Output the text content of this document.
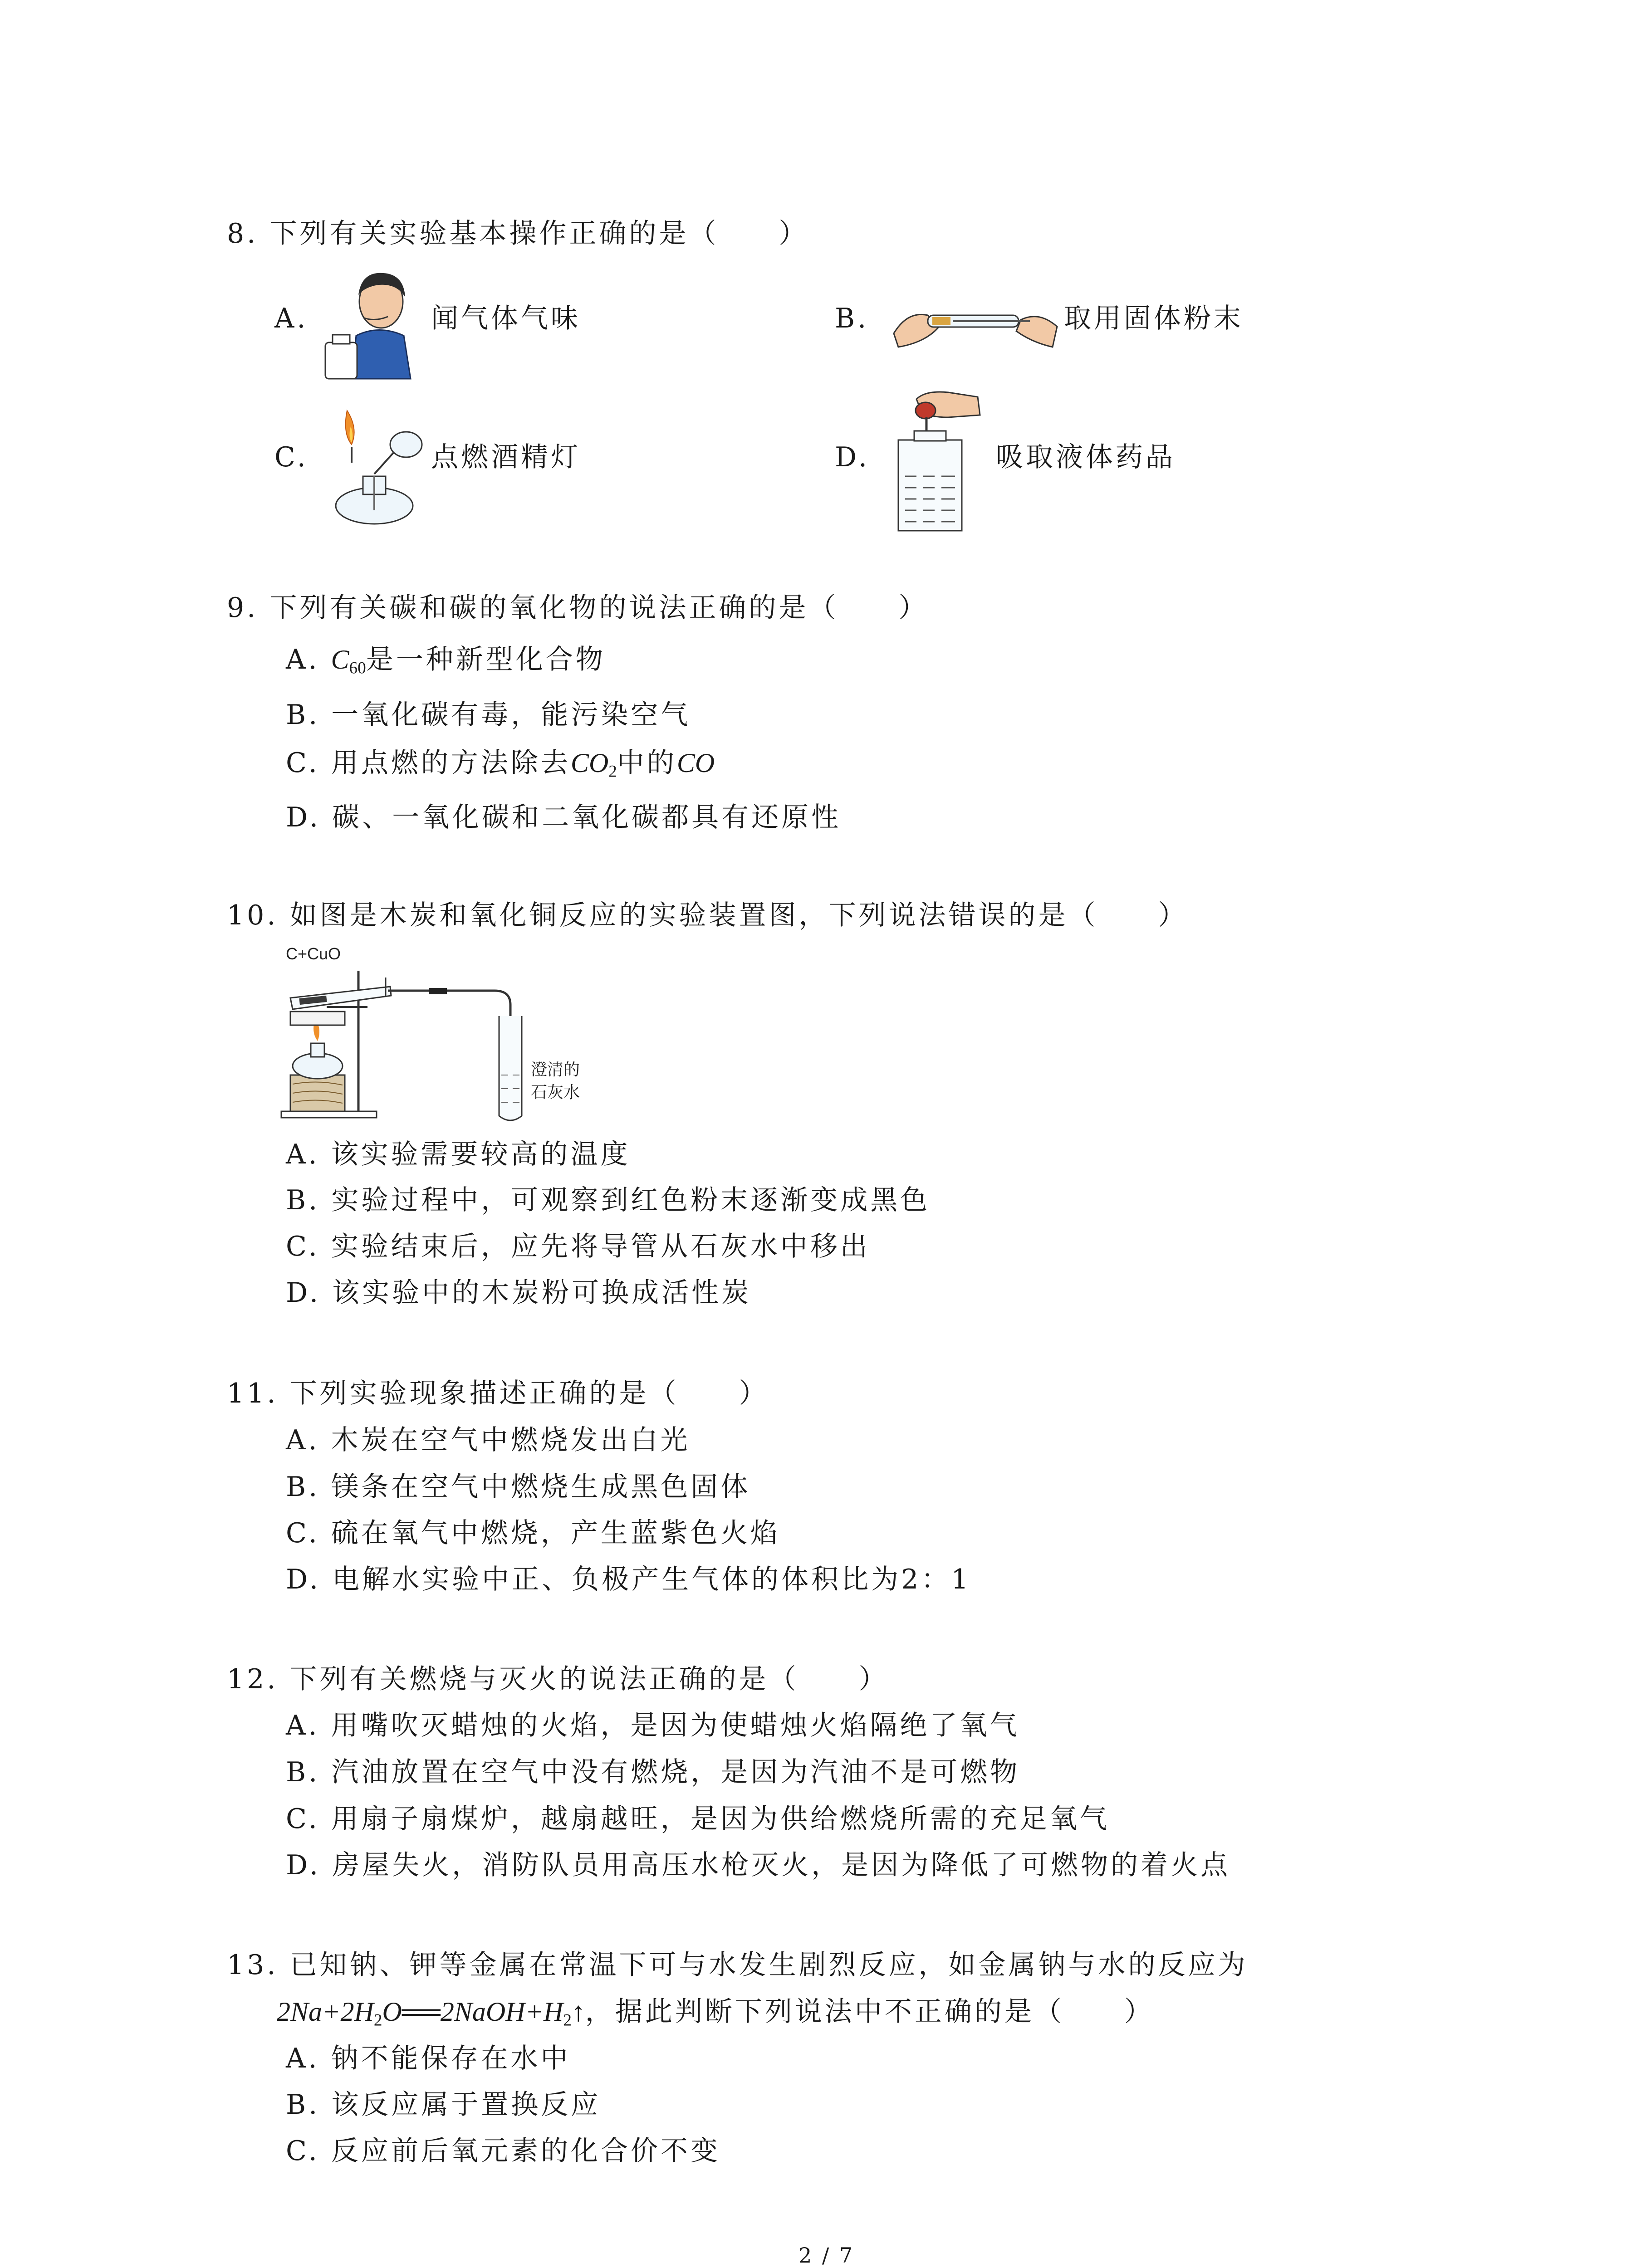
8. 下列有关实验基本操作正确的是（　　）
A.	闻气体气味	B.	取用固体粉末
C.	点燃酒精灯	D.	吸取液体药品
9. 下列有关碳和碳的氧化物的说法正确的是（　　）
A. $C_{60}$是一种新型化合物
B. 一氧化碳有毒，能污染空气
C. 用点燃的方法除去$CO_2$中的CO
D. 碳、一氧化碳和二氧化碳都具有还原性
10. 如图是木炭和氧化铜反应的实验装置图，下列说法错误的是（　　）
C+CuO
澄清的
石灰水
A. 该实验需要较高的温度
B. 实验过程中，可观察到红色粉末逐渐变成黑色
C. 实验结束后，应先将导管从石灰水中移出
D. 该实验中的木炭粉可换成活性炭
11. 下列实验现象描述正确的是（　　）
A. 木炭在空气中燃烧发出白光
B. 镁条在空气中燃烧生成黑色固体
C. 硫在氧气中燃烧，产生蓝紫色火焰
D. 电解水实验中正、负极产生气体的体积比为2：1
12. 下列有关燃烧与灭火的说法正确的是（　　）
A. 用嘴吹灭蜡烛的火焰，是因为使蜡烛火焰隔绝了氧气
B. 汽油放置在空气中没有燃烧，是因为汽油不是可燃物
C. 用扇子扇煤炉，越扇越旺，是因为供给燃烧所需的充足氧气
D. 房屋失火，消防队员用高压水枪灭火，是因为降低了可燃物的着火点
13. 已知钠、钾等金属在常温下可与水发生剧烈反应，如金属钠与水的反应为
$2Na+2H_2O══2NaOH+H_2↑$，据此判断下列说法中不正确的是（　　）
A. 钠不能保存在水中
B. 该反应属于置换反应
C. 反应前后氧元素的化合价不变
2 / 7
